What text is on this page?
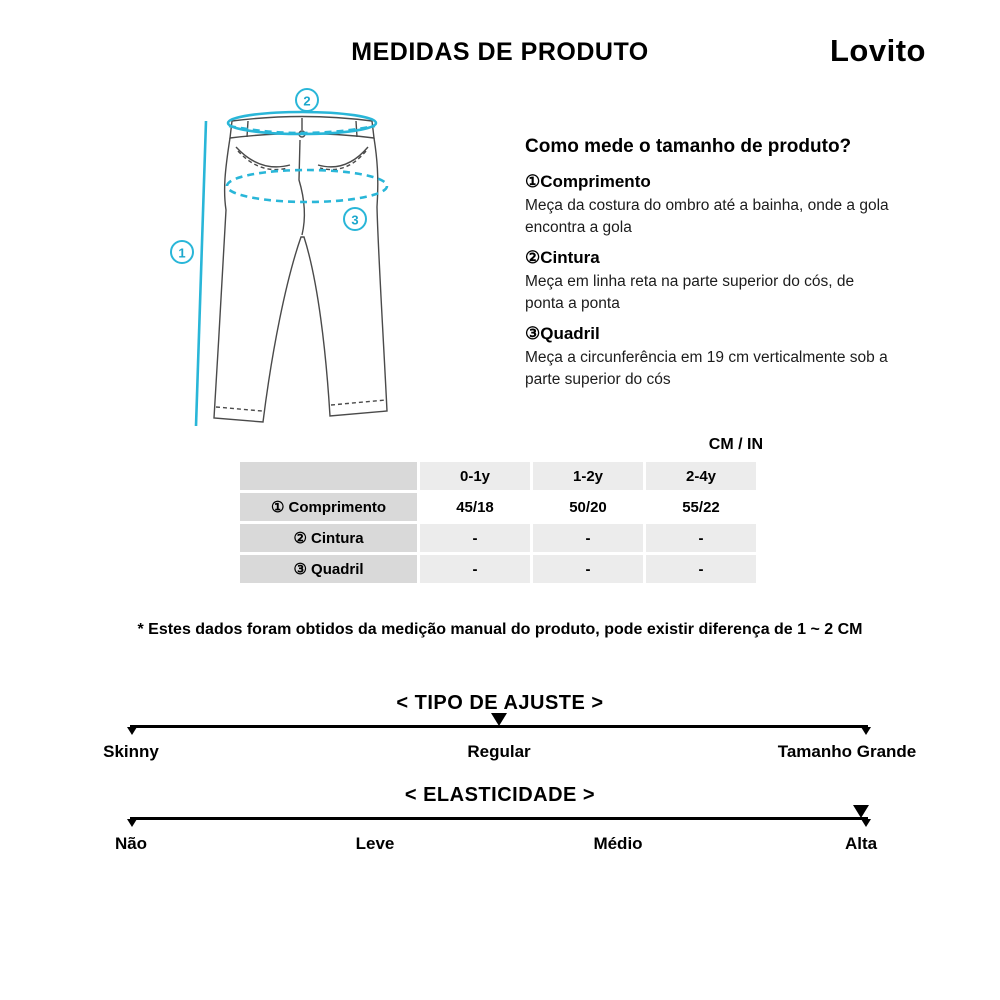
MEDIDAS DE PRODUTO	Lovito
2
3
1
Como mede o tamanho de produto?
①Comprimento
Meça da costura do ombro até a bainha, onde a gola encontra a gola
②Cintura
Meça em linha reta na parte superior do cós, de ponta a ponta
③Quadril
Meça a circunferência em 19 cm verticalmente sob a parte superior do cós
CM / IN
	0-1y	1-2y	2-4y
① Comprimento	45/18	50/20	55/22
② Cintura	-	-	-
③ Quadril	-	-	-
* Estes dados foram obtidos da medição manual do produto, pode existir diferença de 1 ~ 2 CM
< TIPO DE AJUSTE >
Skinny	Regular	Tamanho Grande
< ELASTICIDADE >
Não	Leve	Médio	Alta
